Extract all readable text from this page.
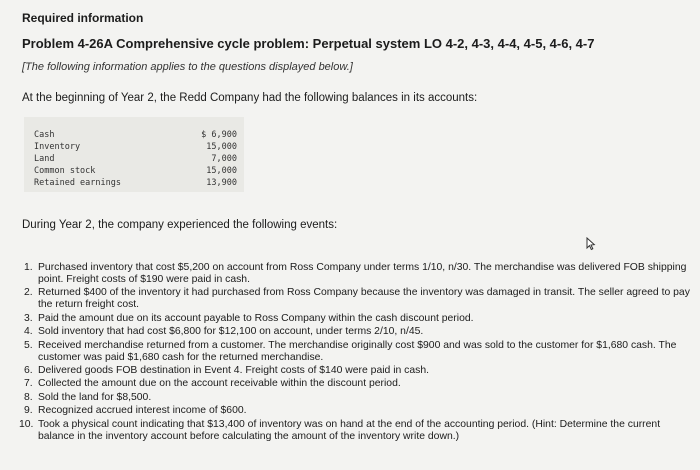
Required information
Problem 4-26A Comprehensive cycle problem: Perpetual system LO 4-2, 4-3, 4-4, 4-5, 4-6, 4-7
[The following information applies to the questions displayed below.]
At the beginning of Year 2, the Redd Company had the following balances in its accounts:
Cash	$ 6,900
Inventory	15,000
Land	7,000
Common stock	15,000
Retained earnings	13,900
During Year 2, the company experienced the following events:
1. Purchased inventory that cost $5,200 on account from Ross Company under terms 1/10, n/30. The merchandise was delivered FOB shipping point. Freight costs of $190 were paid in cash.
2. Returned $400 of the inventory it had purchased from Ross Company because the inventory was damaged in transit. The seller agreed to pay the return freight cost.
3. Paid the amount due on its account payable to Ross Company within the cash discount period.
4. Sold inventory that had cost $6,800 for $12,100 on account, under terms 2/10, n/45.
5. Received merchandise returned from a customer. The merchandise originally cost $900 and was sold to the customer for $1,680 cash. The customer was paid $1,680 cash for the returned merchandise.
6. Delivered goods FOB destination in Event 4. Freight costs of $140 were paid in cash.
7. Collected the amount due on the account receivable within the discount period.
8. Sold the land for $8,500.
9. Recognized accrued interest income of $600.
10. Took a physical count indicating that $13,400 of inventory was on hand at the end of the accounting period. (Hint: Determine the current balance in the inventory account before calculating the amount of the inventory write down.)
